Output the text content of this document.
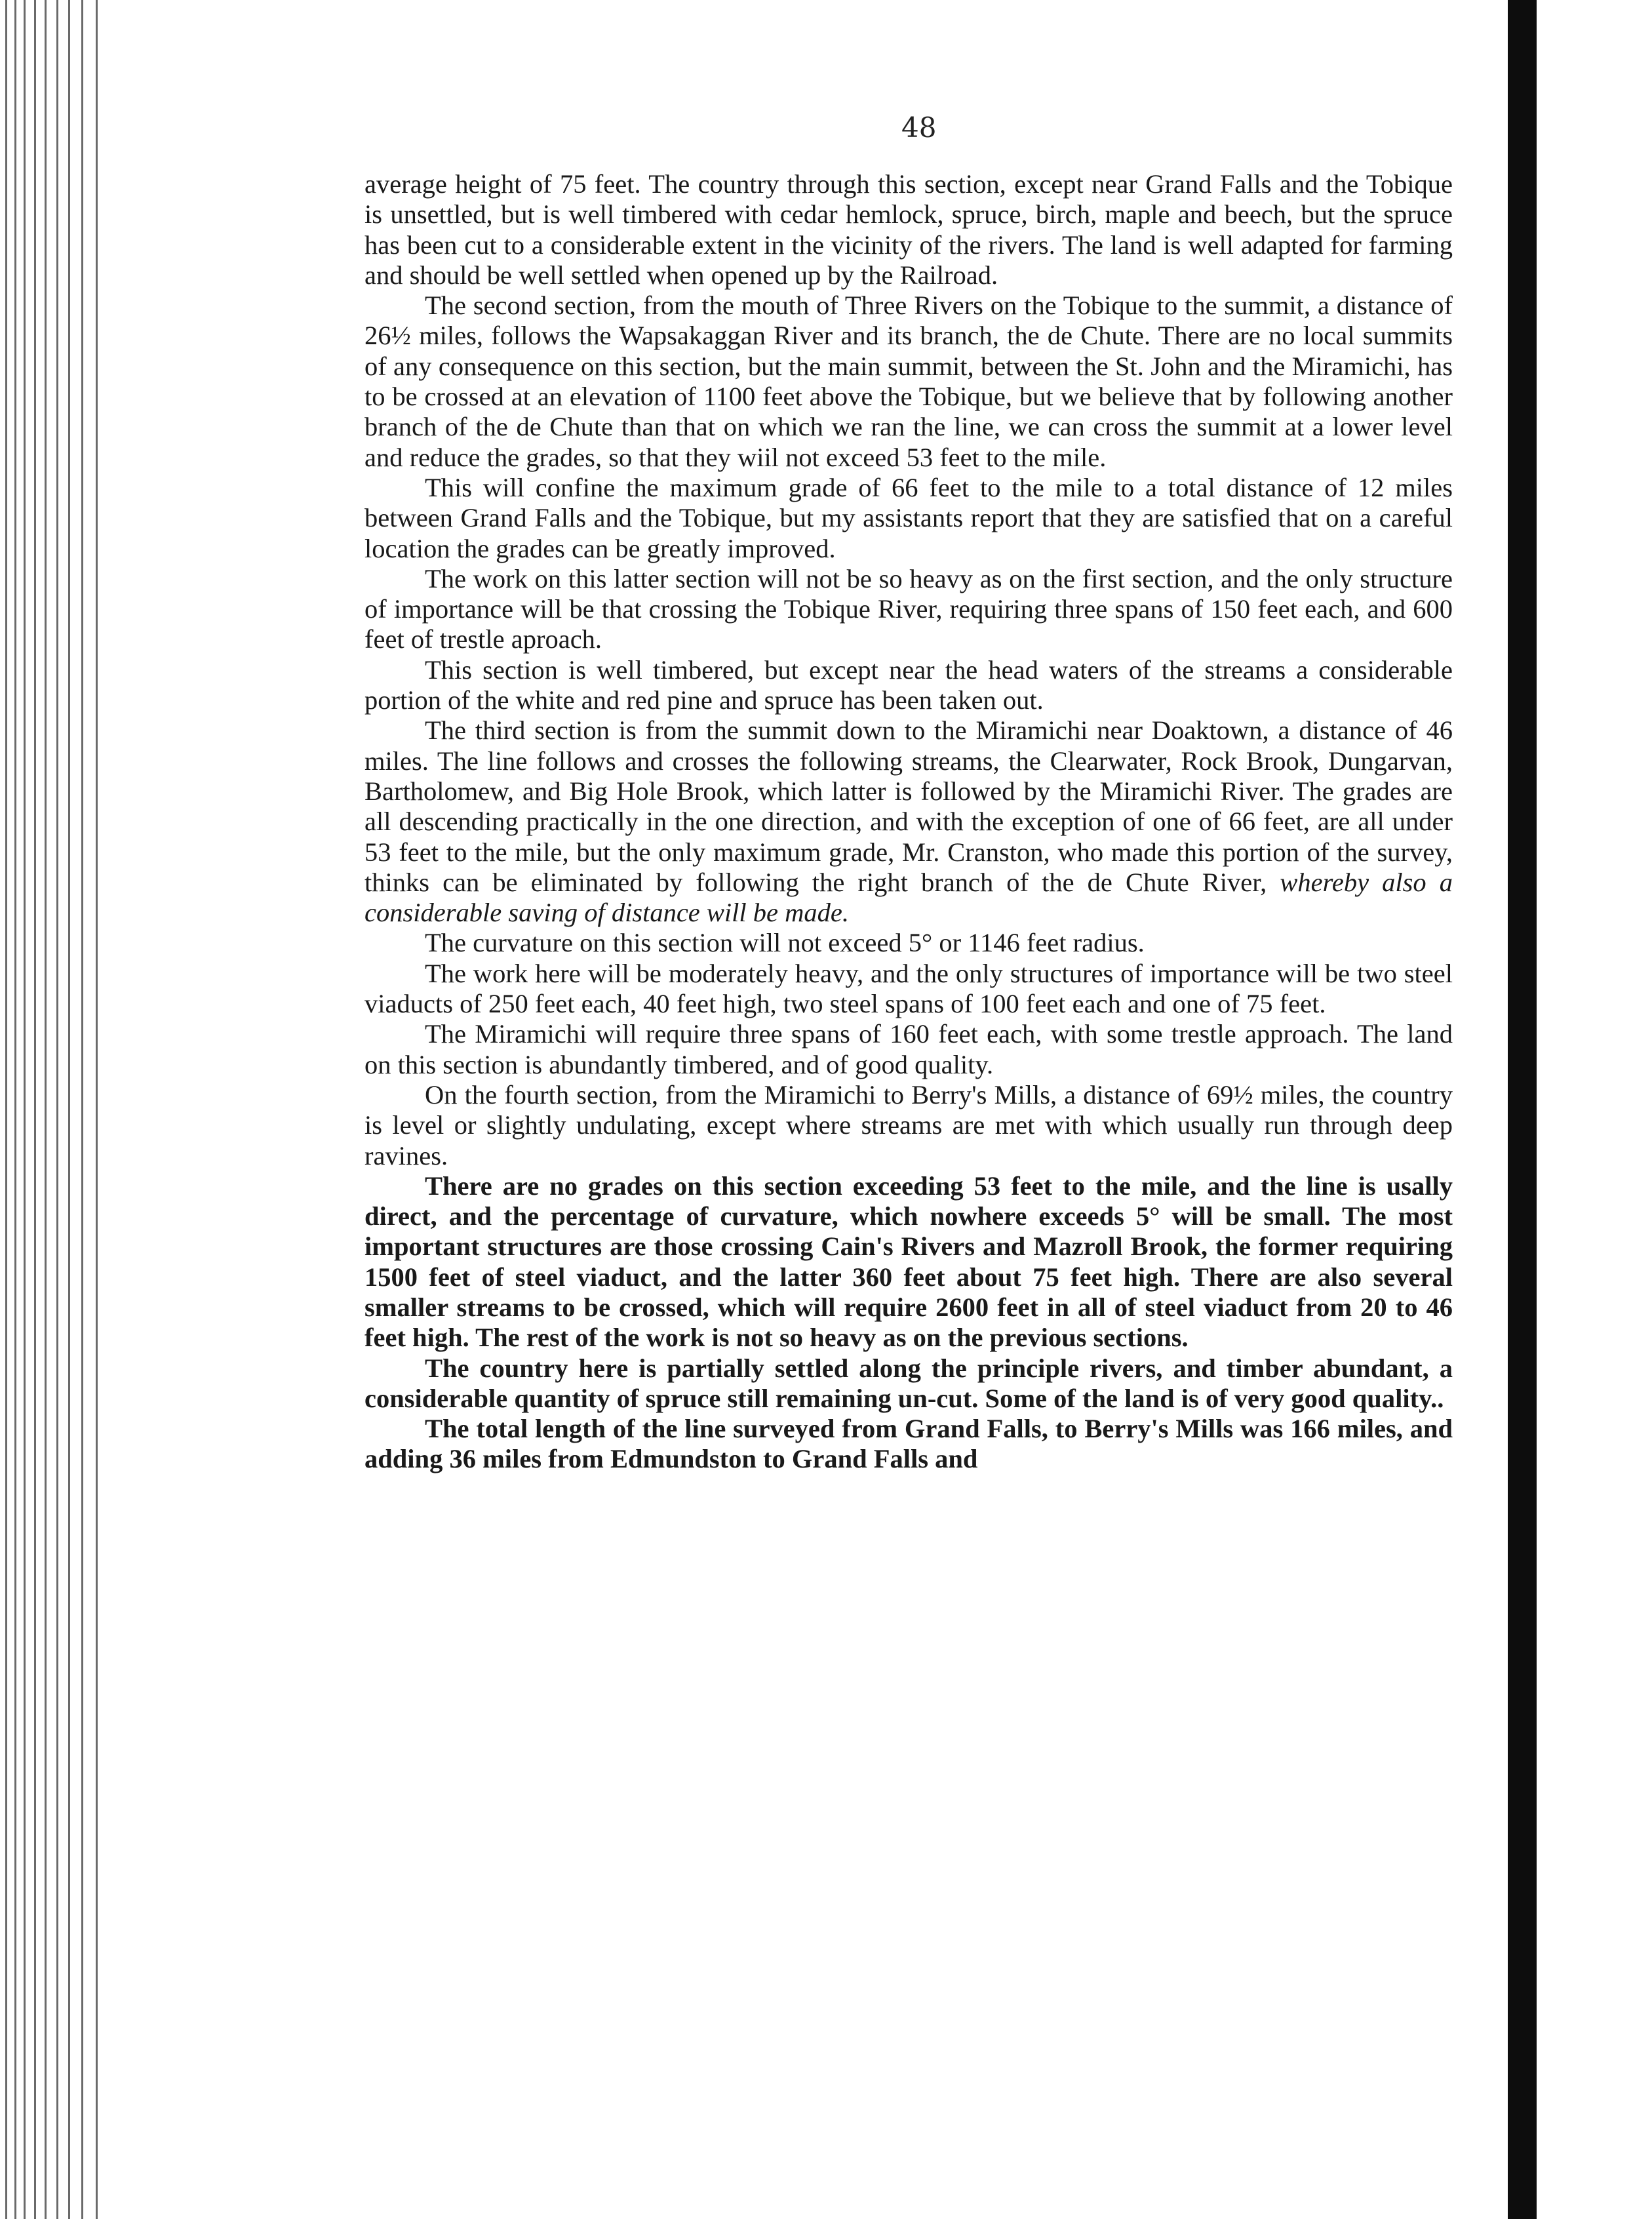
48

average height of 75 feet. The country through this section, except near Grand Falls and the Tobique is unsettled, but is well timbered with cedar hemlock, spruce, birch, maple and beech, but the spruce has been cut to a considerable extent in the vicinity of the rivers. The land is well adapted for farming and should be well settled when opened up by the Railroad.

The second section, from the mouth of Three Rivers on the Tobique to the summit, a distance of 26½ miles, follows the Wapsakaggan River and its branch, the de Chute. There are no local summits of any consequence on this section, but the main summit, between the St. John and the Miramichi, has to be crossed at an elevation of 1100 feet above the Tobique, but we believe that by following another branch of the de Chute than that on which we ran the line, we can cross the summit at a lower level and reduce the grades, so that they wiil not exceed 53 feet to the mile.

This will confine the maximum grade of 66 feet to the mile to a total distance of 12 miles between Grand Falls and the Tobique, but my assistants report that they are satisfied that on a careful location the grades can be greatly improved.

The work on this latter section will not be so heavy as on the first section, and the only structure of importance will be that crossing the Tobique River, requiring three spans of 150 feet each, and 600 feet of trestle aproach.

This section is well timbered, but except near the head waters of the streams a considerable portion of the white and red pine and spruce has been taken out.

The third section is from the summit down to the Miramichi near Doaktown, a distance of 46 miles. The line follows and crosses the following streams, the Clearwater, Rock Brook, Dungarvan, Bartholomew, and Big Hole Brook, which latter is followed by the Miramichi River. The grades are all descending practically in the one direction, and with the exception of one of 66 feet, are all under 53 feet to the mile, but the only maximum grade, Mr. Cranston, who made this portion of the survey, thinks can be eliminated by following the right branch of the de Chute River, whereby also a considerable saving of distance will be made.

The curvature on this section will not exceed 5° or 1146 feet radius.

The work here will be moderately heavy, and the only structures of importance will be two steel viaducts of 250 feet each, 40 feet high, two steel spans of 100 feet each and one of 75 feet.

The Miramichi will require three spans of 160 feet each, with some trestle approach. The land on this section is abundantly timbered, and of good quality.

On the fourth section, from the Miramichi to Berry's Mills, a distance of 69½ miles, the country is level or slightly undulating, except where streams are met with which usually run through deep ravines.

There are no grades on this section exceeding 53 feet to the mile, and the line is usally direct, and the percentage of curvature, which nowhere exceeds 5° will be small. The most important structures are those crossing Cain's Rivers and Mazroll Brook, the former requiring 1500 feet of steel viaduct, and the latter 360 feet about 75 feet high. There are also several smaller streams to be crossed, which will require 2600 feet in all of steel viaduct from 20 to 46 feet high. The rest of the work is not so heavy as on the previous sections.

The country here is partially settled along the principle rivers, and timber abundant, a considerable quantity of spruce still remaining un-cut. Some of the land is of very good quality..

The total length of the line surveyed from Grand Falls, to Berry's Mills was 166 miles, and adding 36 miles from Edmundston to Grand Falls and
